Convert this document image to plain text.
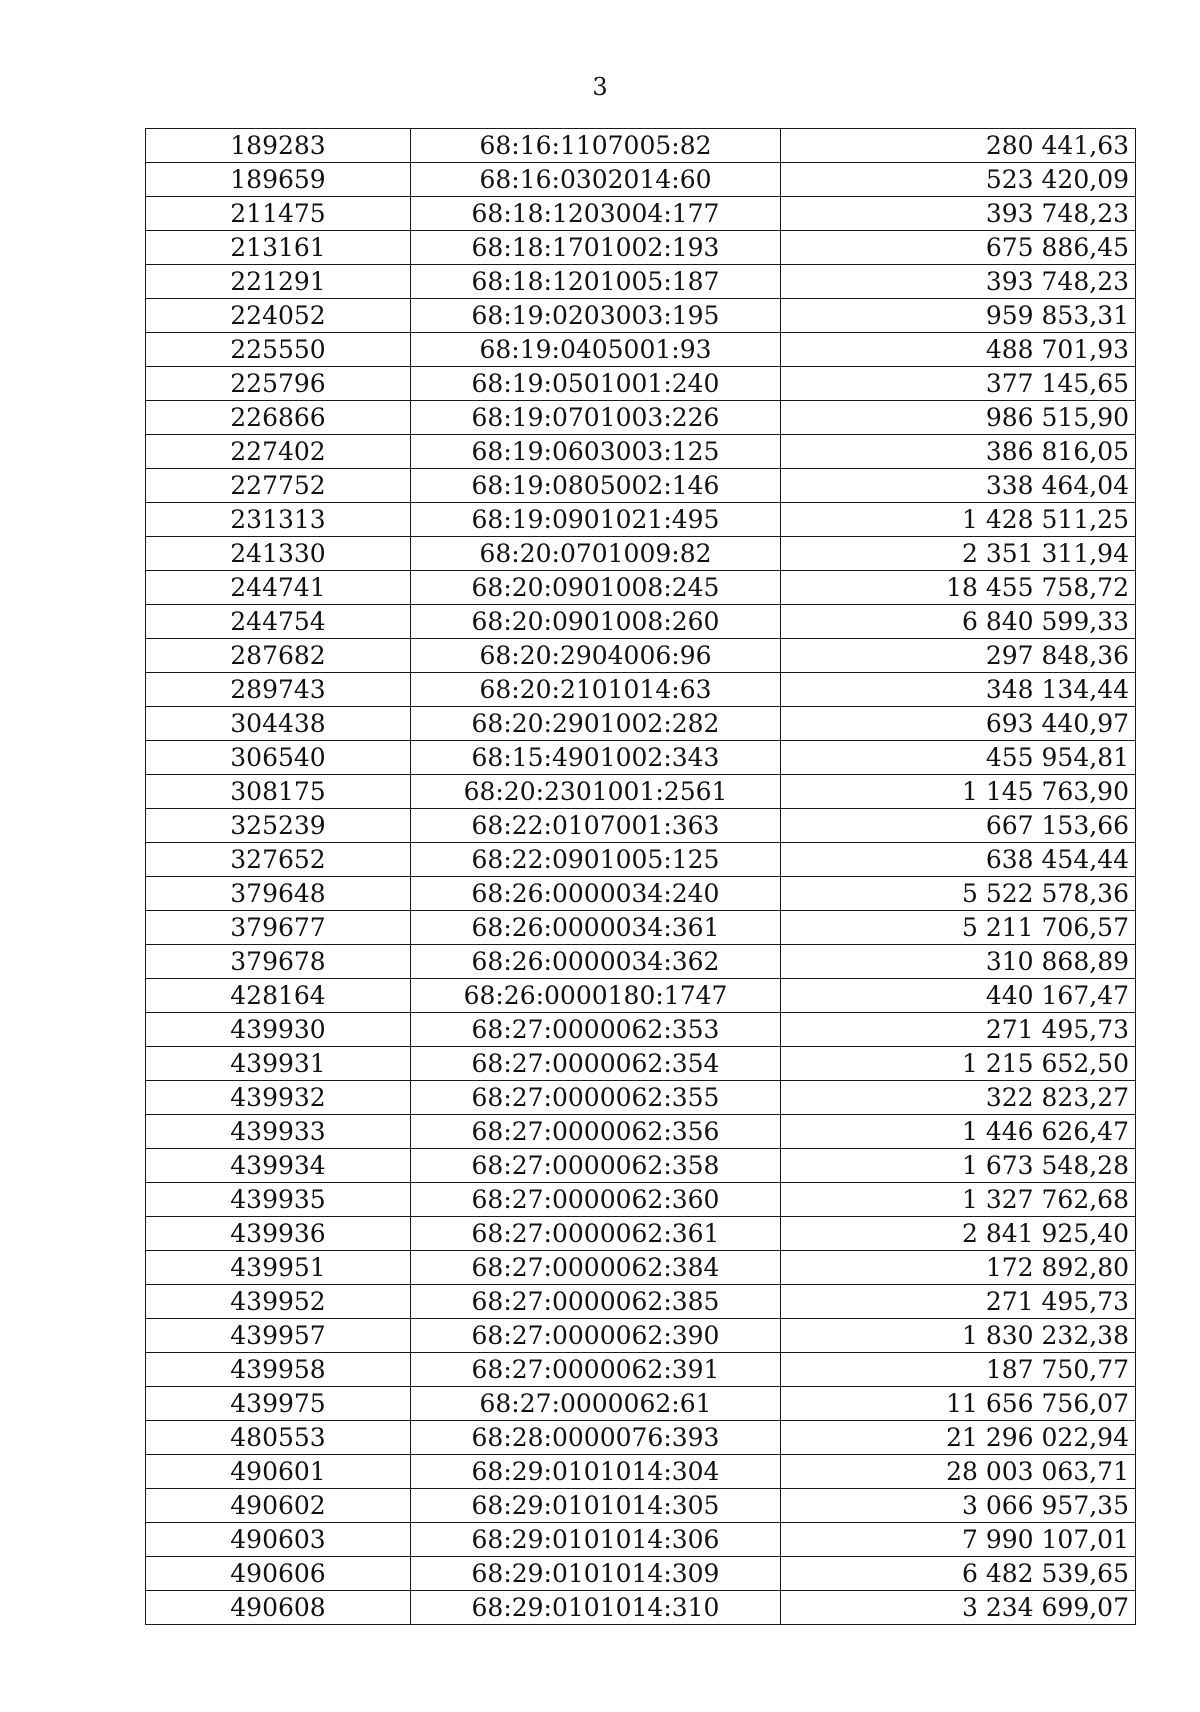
3
189283	68:16:1107005:82	280 441,63
189659	68:16:0302014:60	523 420,09
211475	68:18:1203004:177	393 748,23
213161	68:18:1701002:193	675 886,45
221291	68:18:1201005:187	393 748,23
224052	68:19:0203003:195	959 853,31
225550	68:19:0405001:93	488 701,93
225796	68:19:0501001:240	377 145,65
226866	68:19:0701003:226	986 515,90
227402	68:19:0603003:125	386 816,05
227752	68:19:0805002:146	338 464,04
231313	68:19:0901021:495	1 428 511,25
241330	68:20:0701009:82	2 351 311,94
244741	68:20:0901008:245	18 455 758,72
244754	68:20:0901008:260	6 840 599,33
287682	68:20:2904006:96	297 848,36
289743	68:20:2101014:63	348 134,44
304438	68:20:2901002:282	693 440,97
306540	68:15:4901002:343	455 954,81
308175	68:20:2301001:2561	1 145 763,90
325239	68:22:0107001:363	667 153,66
327652	68:22:0901005:125	638 454,44
379648	68:26:0000034:240	5 522 578,36
379677	68:26:0000034:361	5 211 706,57
379678	68:26:0000034:362	310 868,89
428164	68:26:0000180:1747	440 167,47
439930	68:27:0000062:353	271 495,73
439931	68:27:0000062:354	1 215 652,50
439932	68:27:0000062:355	322 823,27
439933	68:27:0000062:356	1 446 626,47
439934	68:27:0000062:358	1 673 548,28
439935	68:27:0000062:360	1 327 762,68
439936	68:27:0000062:361	2 841 925,40
439951	68:27:0000062:384	172 892,80
439952	68:27:0000062:385	271 495,73
439957	68:27:0000062:390	1 830 232,38
439958	68:27:0000062:391	187 750,77
439975	68:27:0000062:61	11 656 756,07
480553	68:28:0000076:393	21 296 022,94
490601	68:29:0101014:304	28 003 063,71
490602	68:29:0101014:305	3 066 957,35
490603	68:29:0101014:306	7 990 107,01
490606	68:29:0101014:309	6 482 539,65
490608	68:29:0101014:310	3 234 699,07
